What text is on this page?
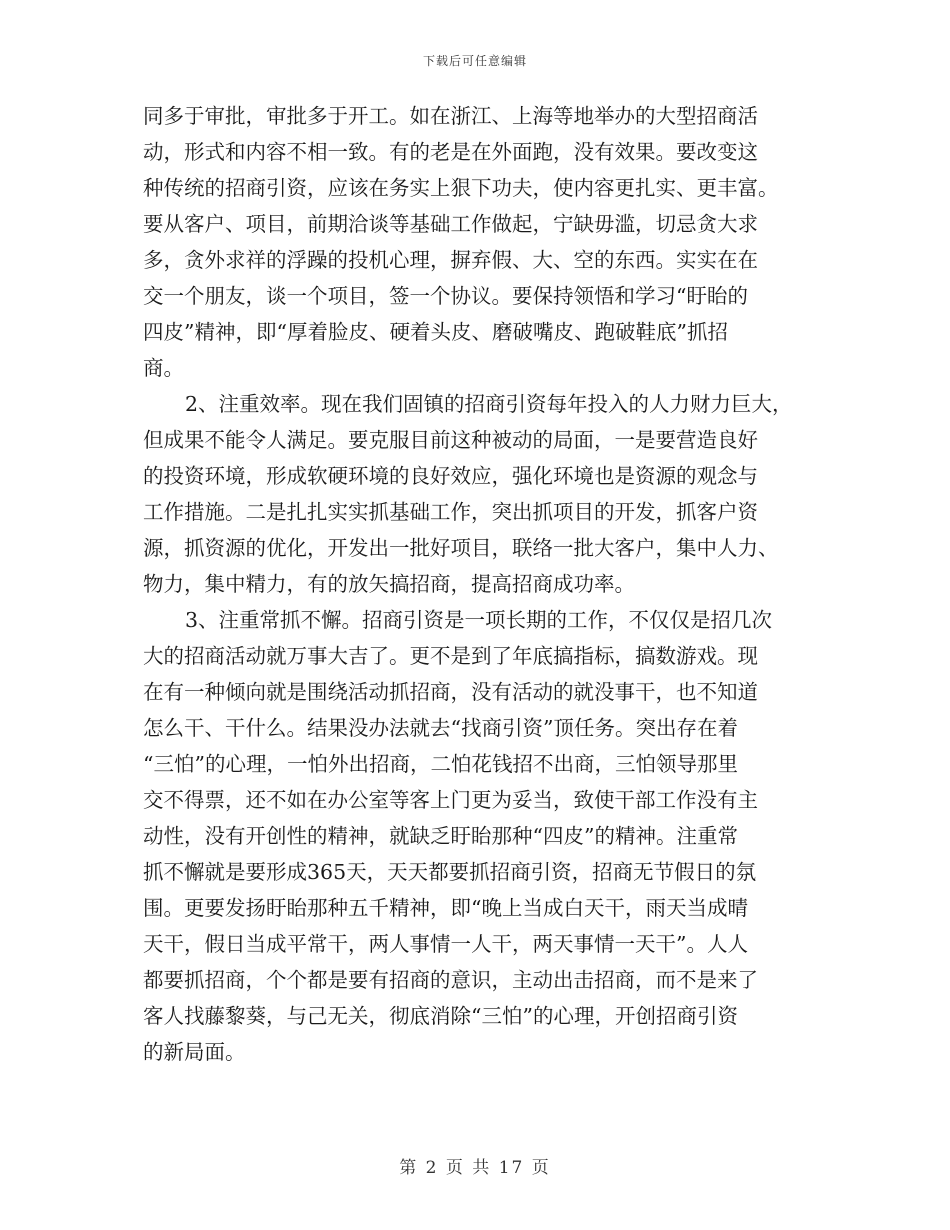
下载后可任意编辑
同多于审批，审批多于开工。如在浙江、上海等地举办的大型招商活
动，形式和内容不相一致。有的老是在外面跑，没有效果。要改变这
种传统的招商引资，应该在务实上狠下功夫，使内容更扎实、更丰富。
要从客户、项目，前期洽谈等基础工作做起，宁缺毋滥，切忌贪大求
多，贪外求祥的浮躁的投机心理，摒弃假、大、空的东西。实实在在
交一个朋友，谈一个项目，签一个协议。要保持领悟和学习“盱眙的
四皮”精神，即“厚着脸皮、硬着头皮、磨破嘴皮、跑破鞋底”抓招
商。
2、注重效率。现在我们固镇的招商引资每年投入的人力财力巨大，
但成果不能令人满足。要克服目前这种被动的局面，一是要营造良好
的投资环境，形成软硬环境的良好效应，强化环境也是资源的观念与
工作措施。二是扎扎实实抓基础工作，突出抓项目的开发，抓客户资
源，抓资源的优化，开发出一批好项目，联络一批大客户，集中人力、
物力，集中精力，有的放矢搞招商，提高招商成功率。
3、注重常抓不懈。招商引资是一项长期的工作，不仅仅是招几次
大的招商活动就万事大吉了。更不是到了年底搞指标，搞数游戏。现
在有一种倾向就是围绕活动抓招商，没有活动的就没事干，也不知道
怎么干、干什么。结果没办法就去“找商引资”顶任务。突出存在着
“三怕”的心理，一怕外出招商，二怕花钱招不出商，三怕领导那里
交不得票，还不如在办公室等客上门更为妥当，致使干部工作没有主
动性，没有开创性的精神，就缺乏盱眙那种“四皮”的精神。注重常
抓不懈就是要形成365天，天天都要抓招商引资，招商无节假日的氛
围。更要发扬盱眙那种五千精神，即“晚上当成白天干，雨天当成晴
天干，假日当成平常干，两人事情一人干，两天事情一天干”。人人
都要抓招商，个个都是要有招商的意识，主动出击招商，而不是来了
客人找藤黎葵，与己无关，彻底消除“三怕”的心理，开创招商引资
的新局面。
第 2 页 共 17 页
